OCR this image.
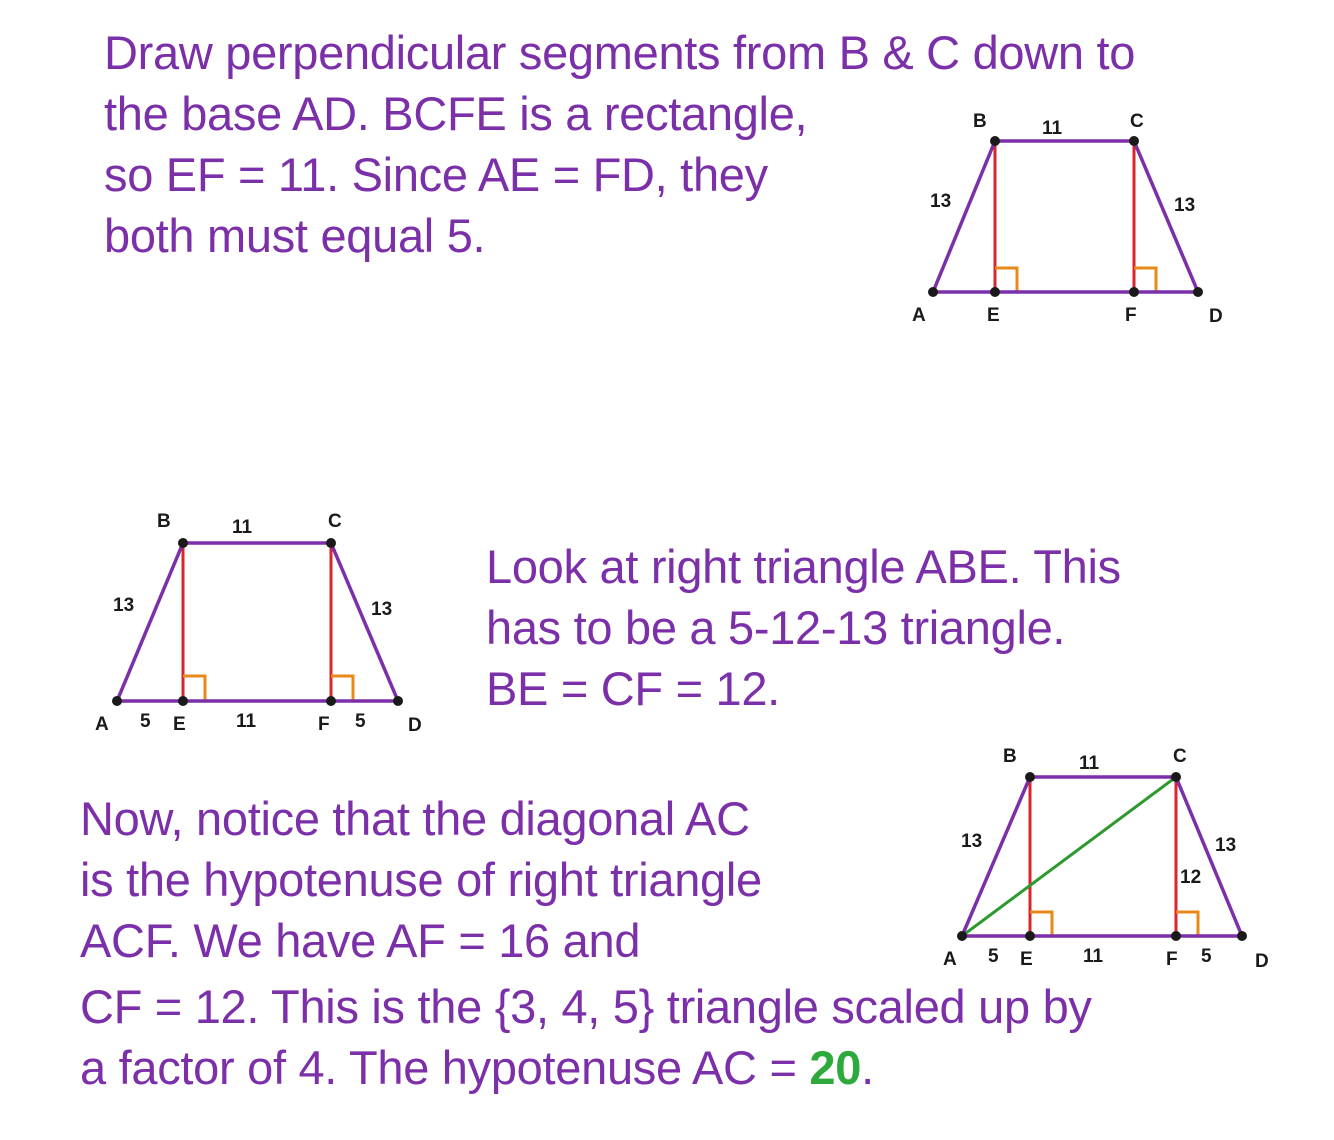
Draw perpendicular segments from B & C down to
the base AD. BCFE is a rectangle,
so EF = 11. Since AE = FD, they
both must equal 5.
Look at right triangle ABE. This
has to be a 5-12-13 triangle.
BE = CF = 12.
Now, notice that the diagonal AC
is the hypotenuse of right triangle
ACF. We have AF = 16 and
CF = 12. This is the {3, 4, 5} triangle scaled up by
a factor of 4. The hypotenuse AC = 20.
B	C
A	E	F	D
11
13	13
B	C
A	E	F	D
11
13	13
5	11	5
B	C
A	E	F	D
11
13	13
12
5	11	5
